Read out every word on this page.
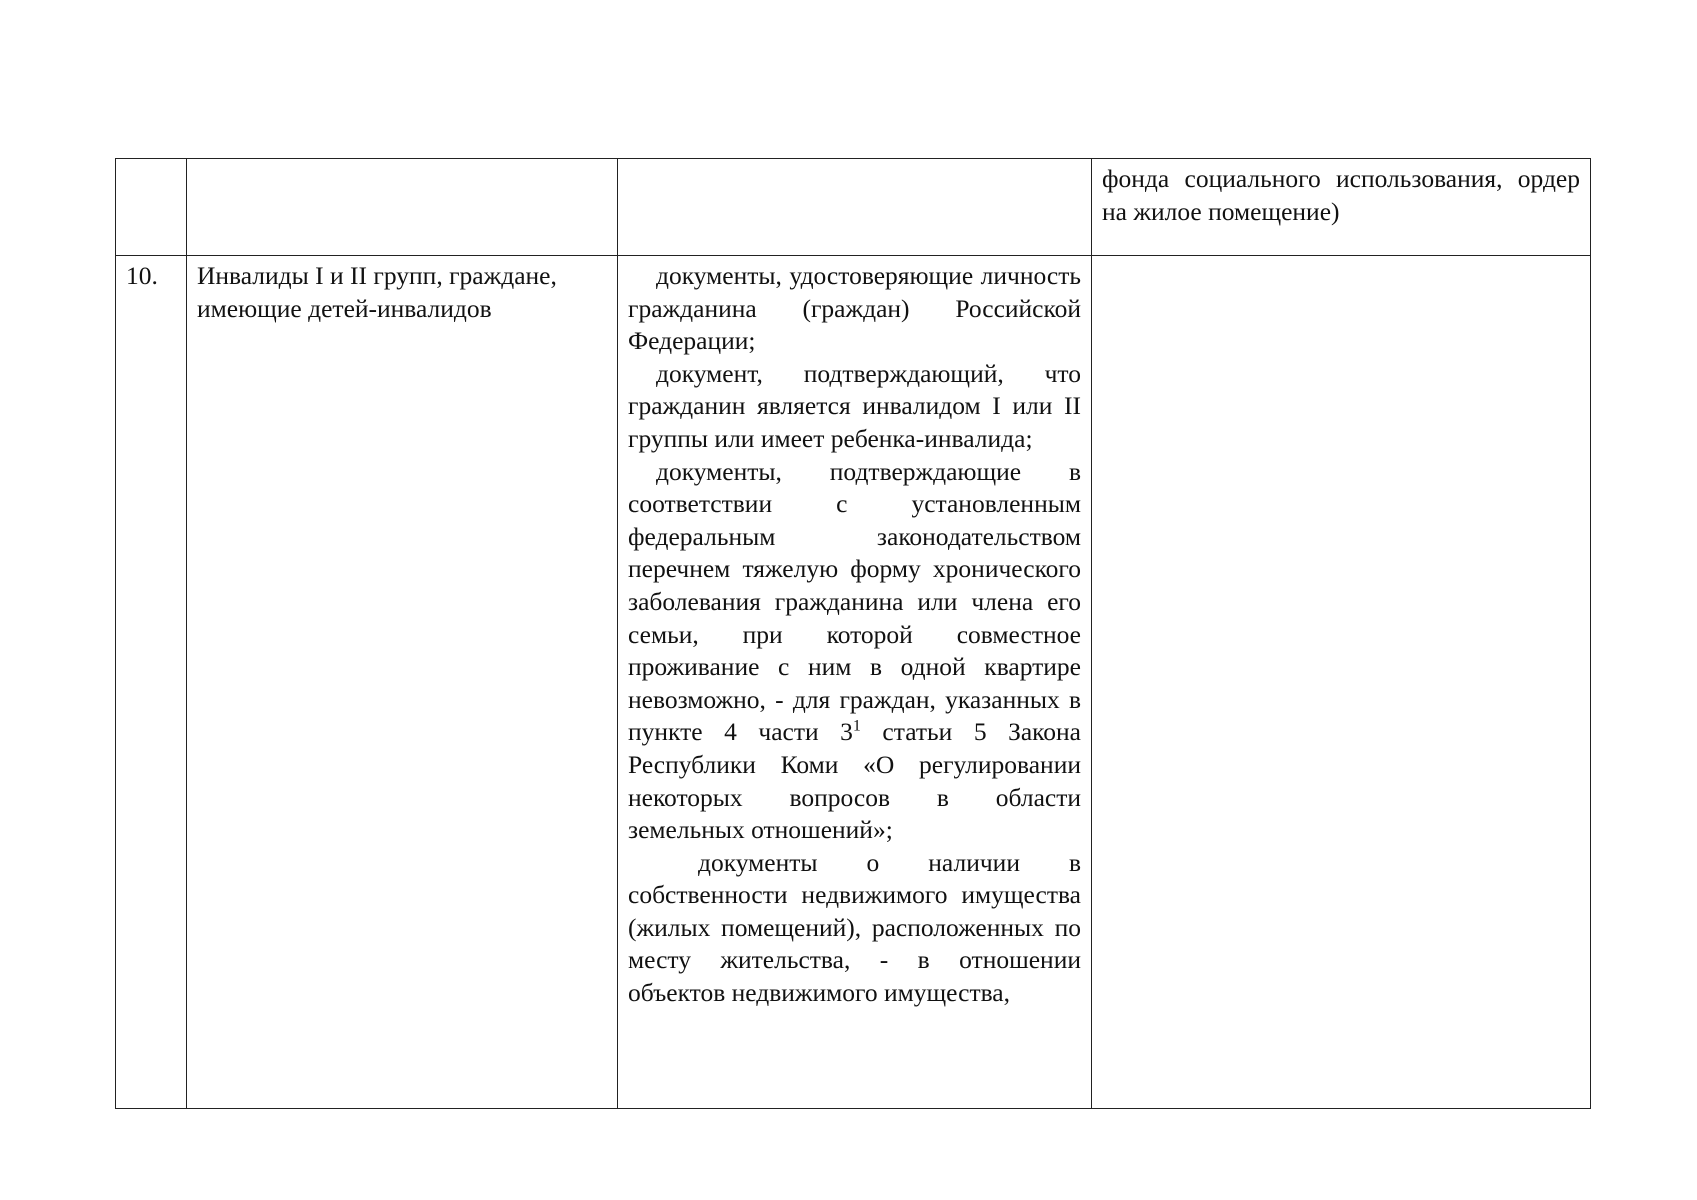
			фонда социального использования, ордер на жилое помещение)
10.	Инвалиды I и II групп, граждане, имеющие детей-инвалидов	документы, удостоверяющие личность гражданина (граждан) Российской Федерации;

документ, подтверждающий, что гражданин является инвалидом I или II группы или имеет ребенка-инвалида;

документы, подтверждающие в соответствии с установленным федеральным законодательством перечнем тяжелую форму хронического заболевания гражданина или члена его семьи, при которой совместное проживание с ним в одной квартире невозможно, - для граждан, указанных в пункте 4 части $3^1$ статьи 5 Закона Республики Коми «О регулировании некоторых вопросов в области земельных отношений»;

документы о наличии в собственности недвижимого имущества (жилых помещений), расположенных по месту жительства, - в отношении объектов недвижимого имущества,	
